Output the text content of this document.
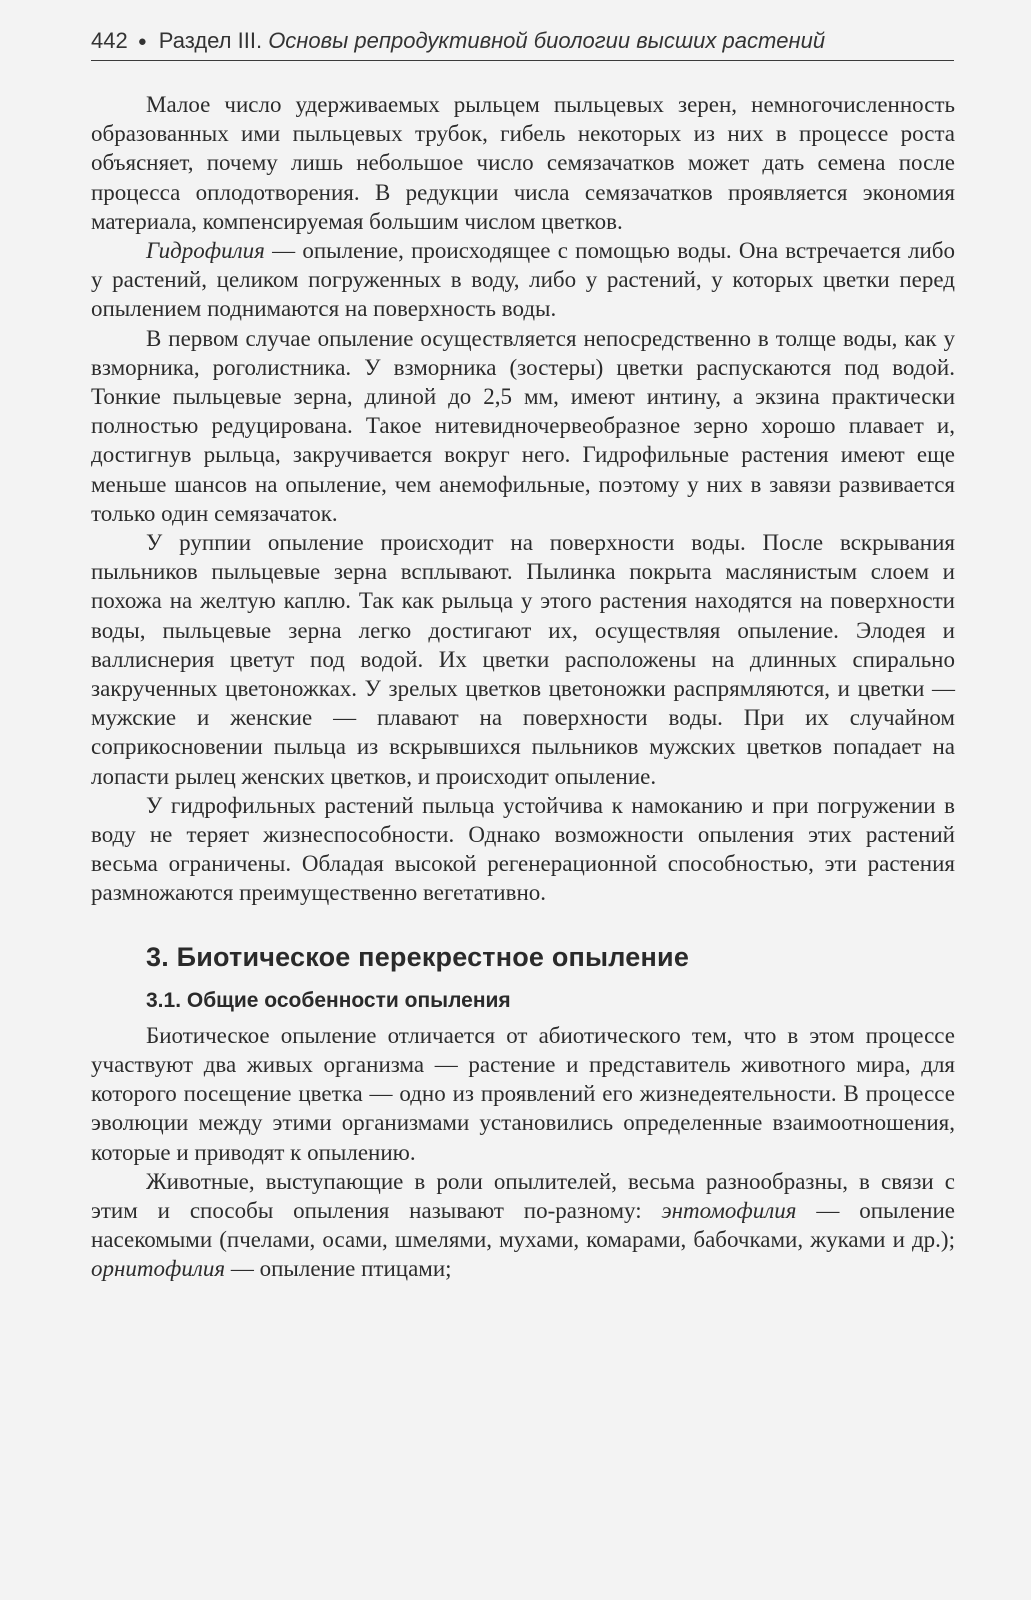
442 ● Раздел III. Основы репродуктивной биологии высших растений

Малое число удерживаемых рыльцем пыльцевых зерен, немногочисленность образованных ими пыльцевых трубок, гибель некоторых из них в процессе роста объясняет, почему лишь небольшое число семязачатков может дать семена после процесса оплодотворения. В редукции числа семязачатков проявляется экономия материала, компенсируемая большим числом цветков.

Гидрофилия — опыление, происходящее с помощью воды. Она встречается либо у растений, целиком погруженных в воду, либо у растений, у которых цветки перед опылением поднимаются на поверхность воды.

В первом случае опыление осуществляется непосредственно в толще воды, как у взморника, роголистника. У взморника (зостеры) цветки распускаются под водой. Тонкие пыльцевые зерна, длиной до 2,5 мм, имеют интину, а экзина практически полностью редуцирована. Такое нитевидночервеобразное зерно хорошо плавает и, достигнув рыльца, закручивается вокруг него. Гидрофильные растения имеют еще меньше шансов на опыление, чем анемофильные, поэтому у них в завязи развивается только один семязачаток.

У руппии опыление происходит на поверхности воды. После вскрывания пыльников пыльцевые зерна всплывают. Пылинка покрыта маслянистым слоем и похожа на желтую каплю. Так как рыльца у этого растения находятся на поверхности воды, пыльцевые зерна легко достигают их, осуществляя опыление. Элодея и валлиснерия цветут под водой. Их цветки расположены на длинных спирально закрученных цветоножках. У зрелых цветков цветоножки распрямляются, и цветки — мужские и женские — плавают на поверхности воды. При их случайном соприкосновении пыльца из вскрывшихся пыльников мужских цветков попадает на лопасти рылец женских цветков, и происходит опыление.

У гидрофильных растений пыльца устойчива к намоканию и при погружении в воду не теряет жизнеспособности. Однако возможности опыления этих растений весьма ограничены. Обладая высокой регенерационной способностью, эти растения размножаются преимущественно вегетативно.

3. Биотическое перекрестное опыление
3.1. Общие особенности опыления

Биотическое опыление отличается от абиотического тем, что в этом процессе участвуют два живых организма — растение и представитель животного мира, для которого посещение цветка — одно из проявлений его жизнедеятельности. В процессе эволюции между этими организмами установились определенные взаимоотношения, которые и приводят к опылению.

Животные, выступающие в роли опылителей, весьма разнообразны, в связи с этим и способы опыления называют по-разному: энтомофилия — опыление насекомыми (пчелами, осами, шмелями, мухами, комарами, бабочками, жуками и др.); орнитофилия — опыление птицами;
